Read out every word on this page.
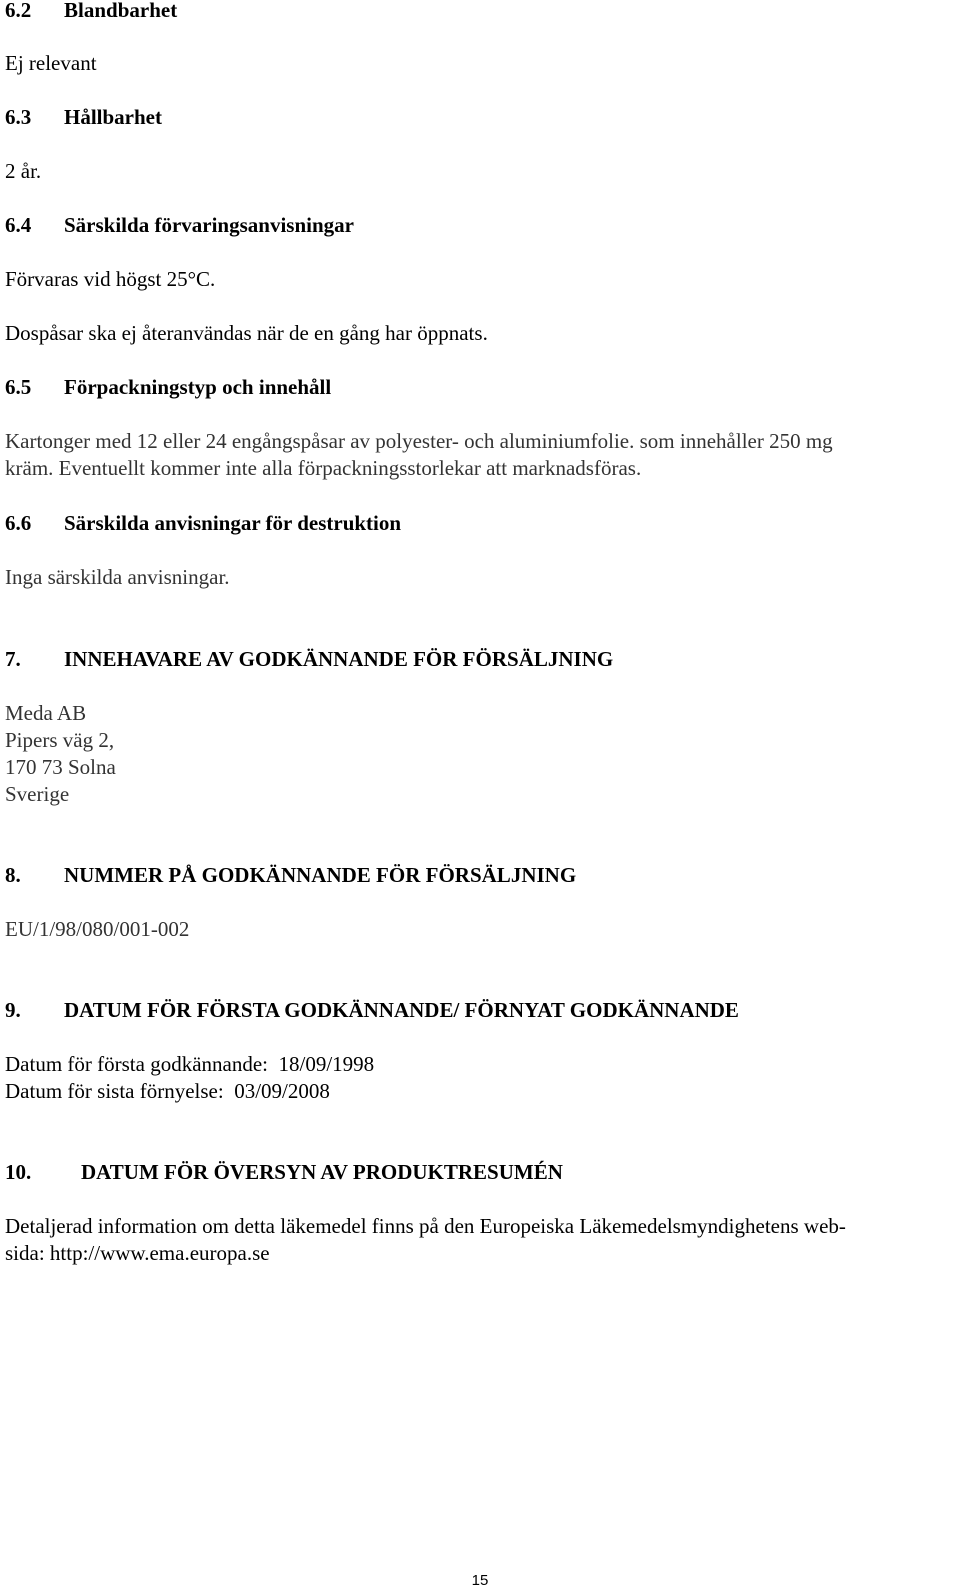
6.2 Blandbarhet
Ej relevant
6.3 Hållbarhet
2 år.
6.4 Särskilda förvaringsanvisningar
Förvaras vid högst 25°C.
Dospåsar ska ej återanvändas när de en gång har öppnats.
6.5 Förpackningstyp och innehåll
Kartonger med 12 eller 24 engångspåsar av polyester- och aluminiumfolie. som innehåller 250 mg
kräm. Eventuellt kommer inte alla förpackningsstorlekar att marknadsföras.
6.6 Särskilda anvisningar för destruktion
Inga särskilda anvisningar.
7. INNEHAVARE AV GODKÄNNANDE FÖR FÖRSÄLJNING
Meda AB
Pipers väg 2,
170 73 Solna
Sverige
8. NUMMER PÅ GODKÄNNANDE FÖR FÖRSÄLJNING
EU/1/98/080/001-002
9. DATUM FÖR FÖRSTA GODKÄNNANDE/ FÖRNYAT GODKÄNNANDE
Datum för första godkännande:  18/09/1998
Datum för sista förnyelse:  03/09/2008
10. DATUM FÖR ÖVERSYN AV PRODUKTRESUMÉN
Detaljerad information om detta läkemedel finns på den Europeiska Läkemedelsmyndighetens web-
sida: http://www.ema.europa.se
15
